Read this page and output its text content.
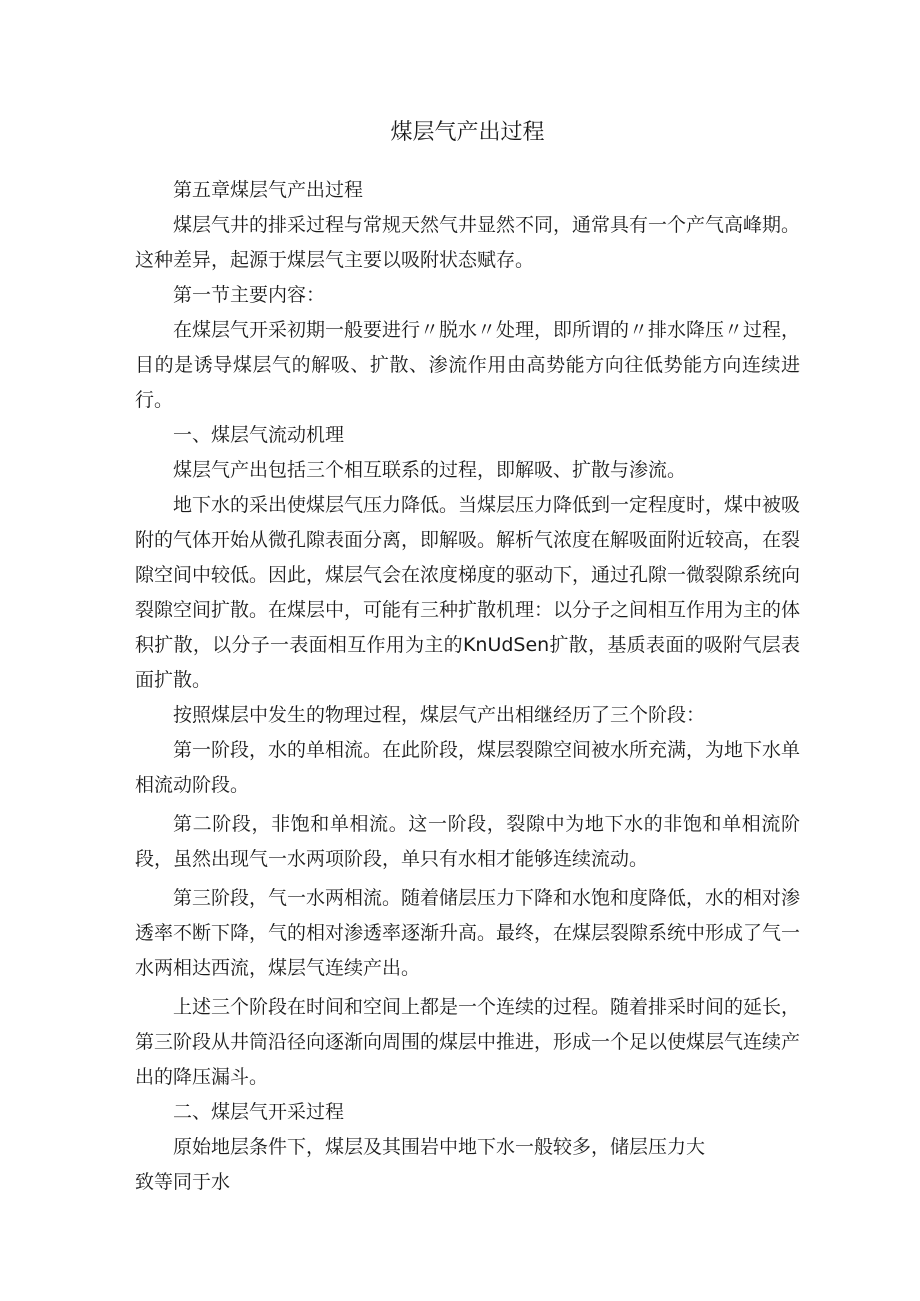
煤层气产出过程

第五章煤层气产出过程

煤层气井的排采过程与常规天然气井显然不同，通常具有一个产气高峰期。这种差异，起源于煤层气主要以吸附状态赋存。

第一节主要内容：

在煤层气开采初期一般要进行〃脱水〃处理，即所谓的〃排水降压〃过程，目的是诱导煤层气的解吸、扩散、渗流作用由高势能方向往低势能方向连续进行。

一、煤层气流动机理

煤层气产出包括三个相互联系的过程，即解吸、扩散与渗流。

地下水的采出使煤层气压力降低。当煤层压力降低到一定程度时，煤中被吸附的气体开始从微孔隙表面分离，即解吸。解析气浓度在解吸面附近较高，在裂隙空间中较低。因此，煤层气会在浓度梯度的驱动下，通过孔隙一微裂隙系统向裂隙空间扩散。在煤层中，可能有三种扩散机理：以分子之间相互作用为主的体积扩散，以分子一表面相互作用为主的KnUdSen扩散，基质表面的吸附气层表面扩散。

按照煤层中发生的物理过程，煤层气产出相继经历了三个阶段：

第一阶段，水的单相流。在此阶段，煤层裂隙空间被水所充满，为地下水单相流动阶段。

第二阶段，非饱和单相流。这一阶段，裂隙中为地下水的非饱和单相流阶段，虽然出现气一水两项阶段，单只有水相才能够连续流动。

第三阶段，气一水两相流。随着储层压力下降和水饱和度降低，水的相对渗透率不断下降，气的相对渗透率逐渐升高。最终，在煤层裂隙系统中形成了气一水两相达西流，煤层气连续产出。

上述三个阶段在时间和空间上都是一个连续的过程。随着排采时间的延长，第三阶段从井筒沿径向逐渐向周围的煤层中推进，形成一个足以使煤层气连续产出的降压漏斗。

二、煤层气开采过程

原始地层条件下，煤层及其围岩中地下水一般较多，储层压力大

致等同于水
